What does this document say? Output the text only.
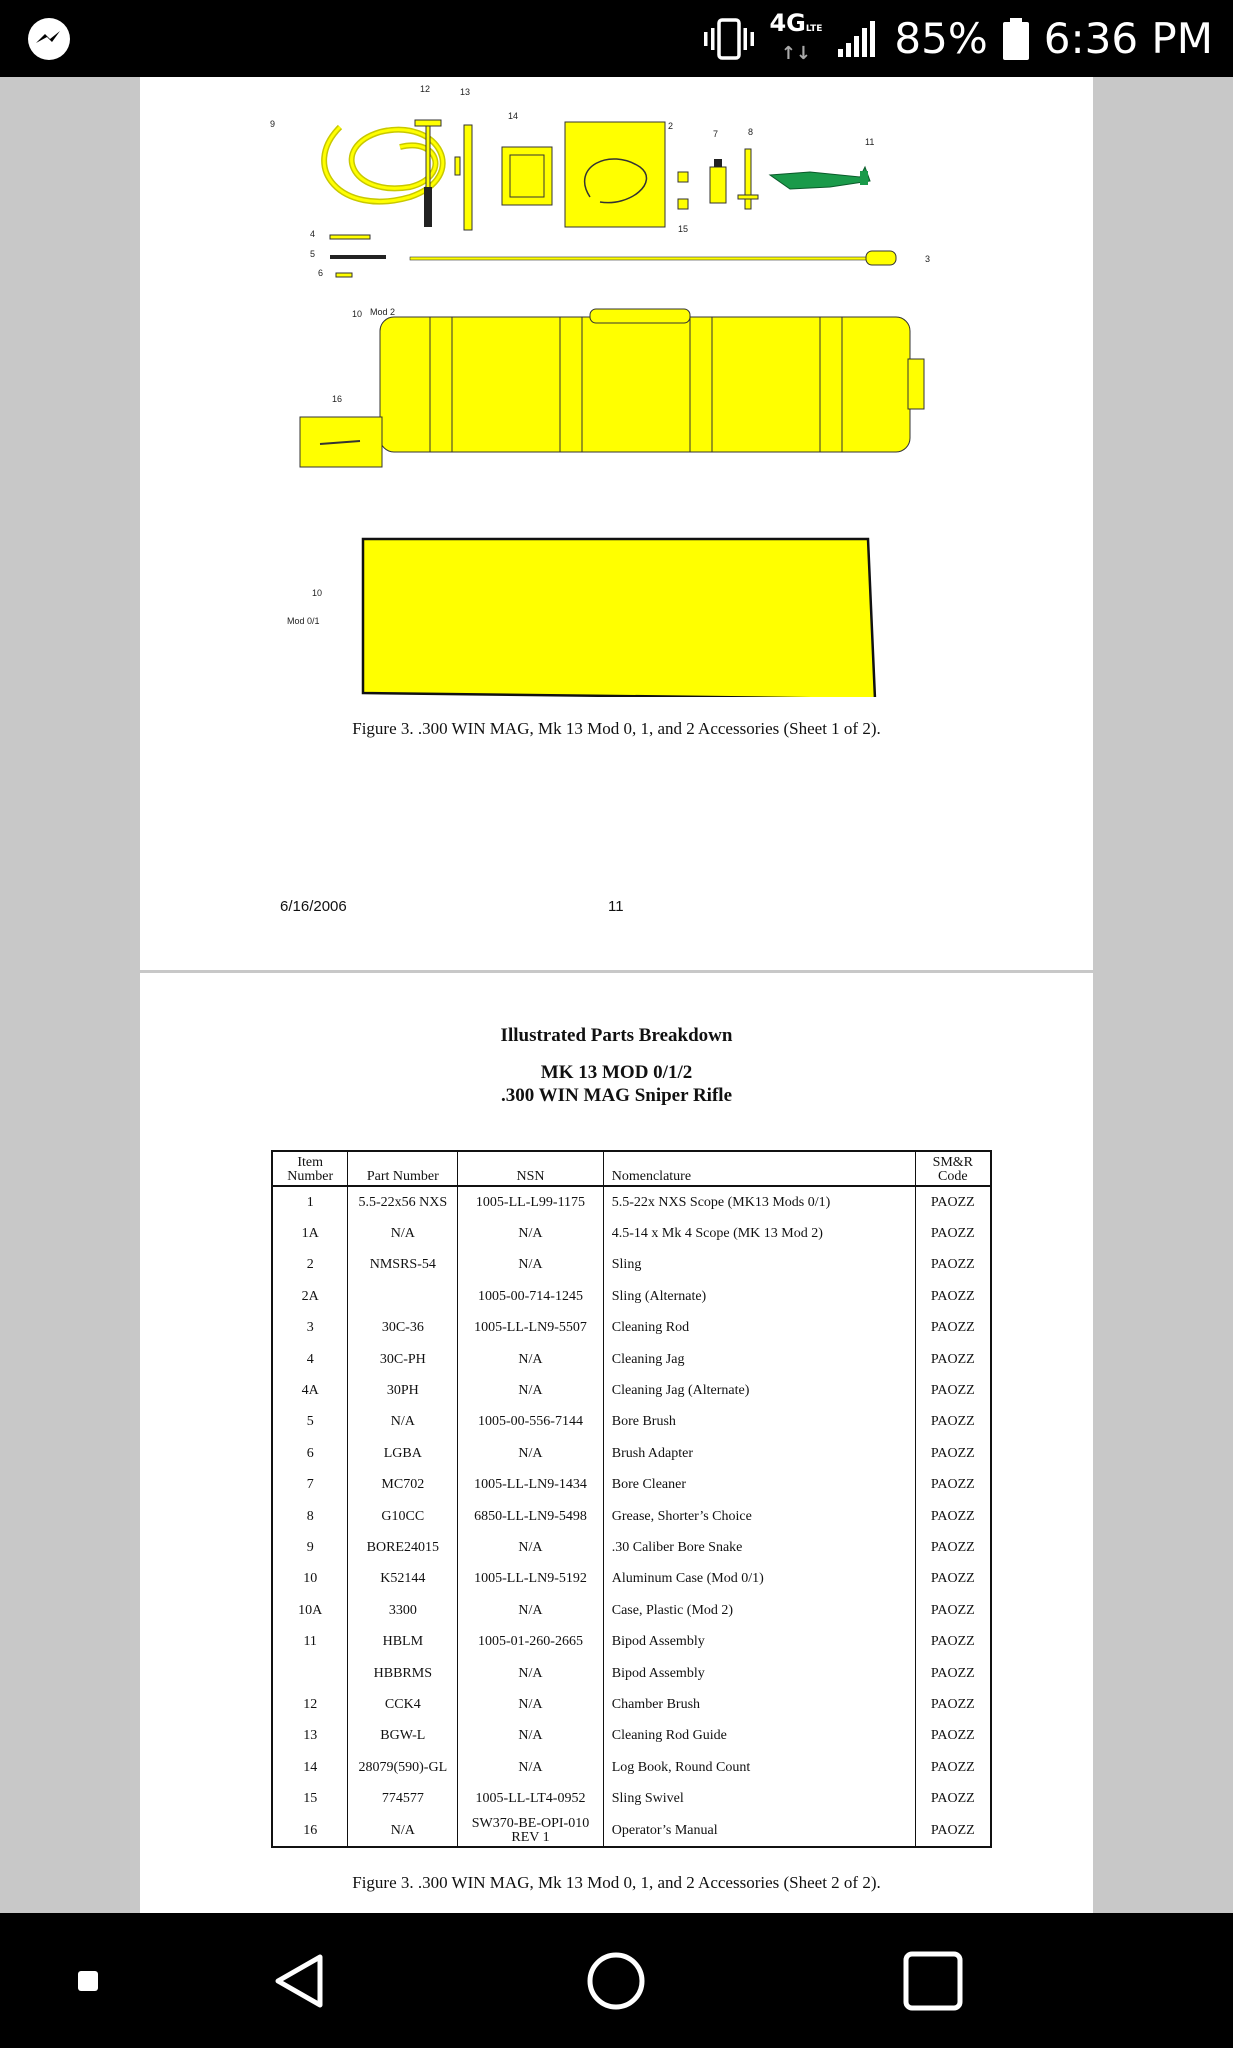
4GLTE
↑↓ 85% 6:36 PM
9
12	13
14
2
15
7	8
11
4
5
6
3
10 Mod 2
16
10
Mod 0/1
Figure 3. .300 WIN MAG, Mk 13 Mod 0, 1, and 2 Accessories (Sheet 1 of 2).
6/16/2006	11
Illustrated Parts Breakdown
MK 13 MOD 0/1/2
.300 WIN MAG Sniper Rifle
Item
Number	Part Number	NSN	Nomenclature	SM&R
Code
1	5.5-22x56 NXS	1005-LL-L99-1175	5.5-22x NXS Scope (MK13 Mods 0/1)	PAOZZ
1A	N/A	N/A	4.5-14 x Mk 4 Scope (MK 13 Mod 2)	PAOZZ
2	NMSRS-54	N/A	Sling	PAOZZ
2A		1005-00-714-1245	Sling (Alternate)	PAOZZ
3	30C-36	1005-LL-LN9-5507	Cleaning Rod	PAOZZ
4	30C-PH	N/A	Cleaning Jag	PAOZZ
4A	30PH	N/A	Cleaning Jag (Alternate)	PAOZZ
5	N/A	1005-00-556-7144	Bore Brush	PAOZZ
6	LGBA	N/A	Brush Adapter	PAOZZ
7	MC702	1005-LL-LN9-1434	Bore Cleaner	PAOZZ
8	G10CC	6850-LL-LN9-5498	Grease, Shorter’s Choice	PAOZZ
9	BORE24015	N/A	.30 Caliber Bore Snake	PAOZZ
10	K52144	1005-LL-LN9-5192	Aluminum Case (Mod 0/1)	PAOZZ
10A	3300	N/A	Case, Plastic (Mod 2)	PAOZZ
11	HBLM	1005-01-260-2665	Bipod Assembly	PAOZZ
	HBBRMS	N/A	Bipod Assembly	PAOZZ
12	CCK4	N/A	Chamber Brush	PAOZZ
13	BGW-L	N/A	Cleaning Rod Guide	PAOZZ
14	28079(590)-GL	N/A	Log Book, Round Count	PAOZZ
15	774577	1005-LL-LT4-0952	Sling Swivel	PAOZZ
16	N/A	SW370-BE-OPI-010 REV 1	Operator’s Manual	PAOZZ
Figure 3. .300 WIN MAG, Mk 13 Mod 0, 1, and 2 Accessories (Sheet 2 of 2).
